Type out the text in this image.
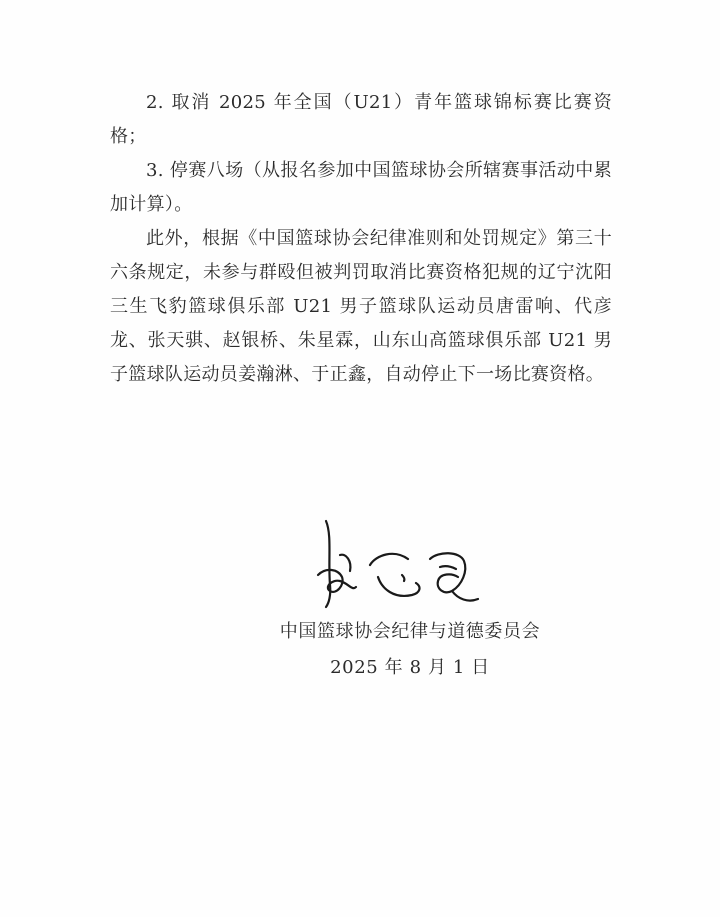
2. 取消 2025 年全国（U21）青年篮球锦标赛比赛资格；

3. 停赛八场（从报名参加中国篮球协会所辖赛事活动中累加计算）。

此外，根据《中国篮球协会纪律准则和处罚规定》第三十六条规定，未参与群殴但被判罚取消比赛资格犯规的辽宁沈阳三生飞豹篮球俱乐部 U21 男子篮球队运动员唐雷响、代彦龙、张天骐、赵银桥、朱星霖，山东山高篮球俱乐部 U21 男子篮球队运动员姜瀚淋、于正鑫，自动停止下一场比赛资格。

中国篮球协会纪律与道德委员会
2025 年 8 月 1 日
